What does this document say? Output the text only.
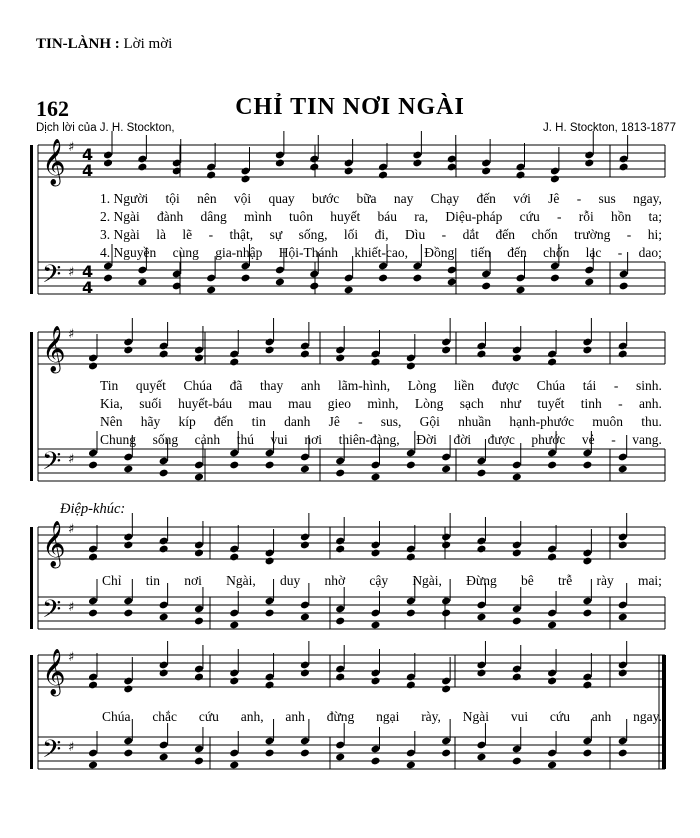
TIN-LÀNH : Lời mời
162	CHỈ TIN NƠI NGÀI
Dịch lời của J. H. Stockton,	J. H. Stockton, 1813-1877
𝄞
𝄢
♯
♯
4
4
4
4
𝄞
𝄢
♯
♯
𝄞
𝄢
♯
♯
𝄞
𝄢
♯
♯
1. Người tội nên vội quay bước bữa nay Chạy đến với Jê - sus ngay,
Tin quyết Chúa đã thay anh lãm-hình, Lòng liền được Chúa tái - sinh.
2. Ngài đành dâng mình tuôn huyết báu ra, Diệu-pháp cứu - rỗi hồn ta;
Kia, suối huyết-báu mau mau gieo mình, Lòng sạch như tuyết tinh - anh.
3. Ngài là lẽ - thật, sự sống, lối đi, Dìu - dắt đến chốn trường - hi;
Nên hãy kíp đến tin danh Jê - sus, Gội nhuần hạnh-phước muôn thu.
4. Nguyền cùng gia-nhập Hội-Thánh khiết-cao, Đồng tiến đến chốn lạc - dao;
Chung sống cảnh thú vui nơi thiên-đàng, Đời đời được phước vẻ - vang.
Chỉ tin nơi Ngài, duy nhờ cậy Ngài, Đừng bê trễ rày mai;
Chúa chắc cứu anh, anh đừng ngại rày, Ngài vui cứu anh ngay.
Điệp-khúc:
